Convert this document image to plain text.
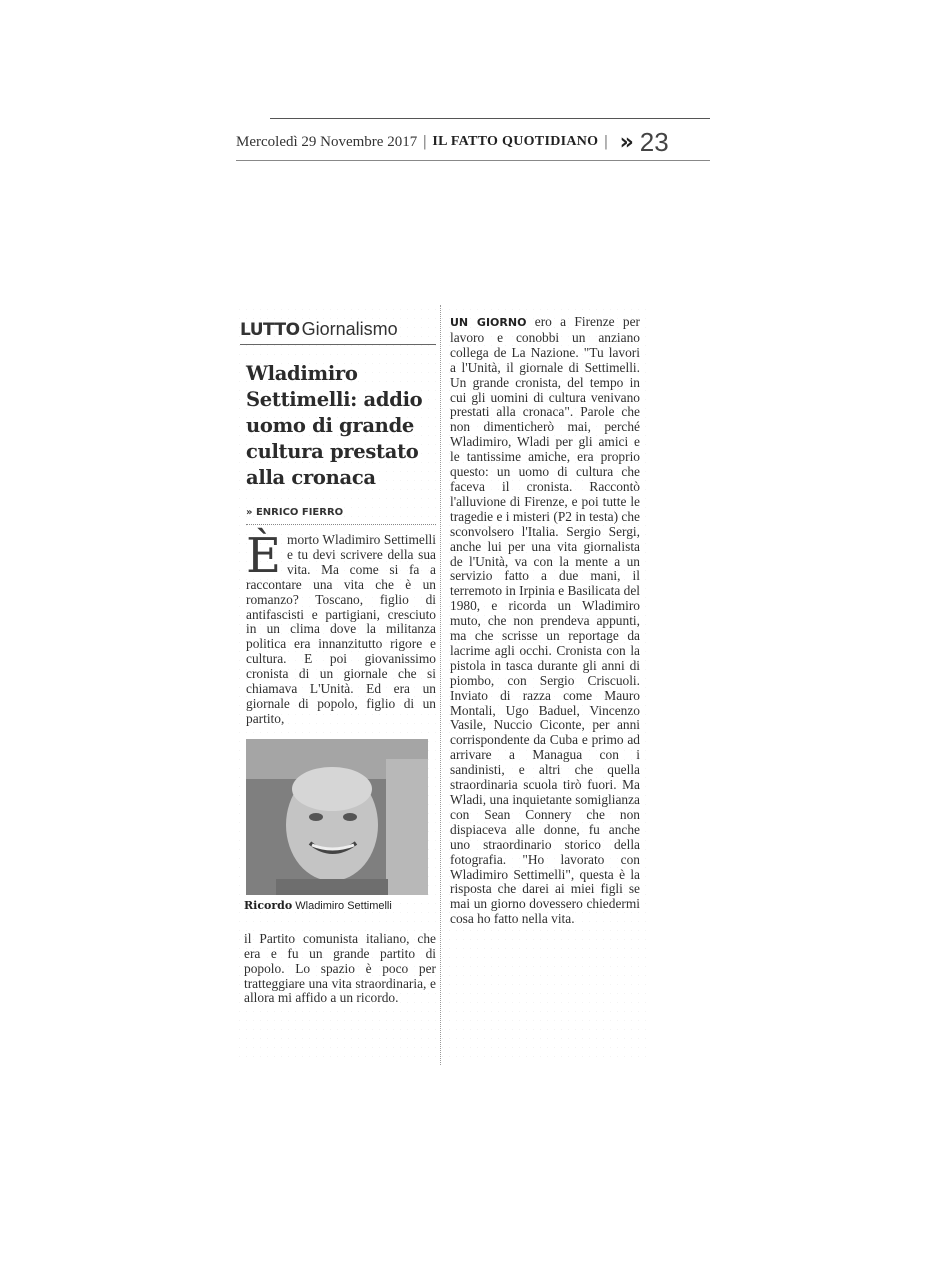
Mercoledì 29 Novembre 2017 | IL FATTO QUOTIDIANO | » 23
LUTTO Giornalismo
Wladimiro Settimelli: addio uomo di grande cultura prestato alla cronaca
» ENRICO FIERRO
È morto Wladimiro Settimelli e tu devi scrivere della sua vita. Ma come si fa a raccontare una vita che è un romanzo? Toscano, figlio di antifascisti e partigiani, cresciuto in un clima dove la militanza politica era innanzitutto rigore e cultura. E poi giovanissimo cronista di un giornale che si chiamava L'Unità. Ed era un giornale di popolo, figlio di un partito,
Ricordo Wladimiro Settimelli
il Partito comunista italiano, che era e fu un grande partito di popolo. Lo spazio è poco per tratteggiare una vita straordinaria, e allora mi affido a un ricordo.
UN GIORNO ero a Firenze per lavoro e conobbi un anziano collega de La Nazione. "Tu lavori a l'Unità, il giornale di Settimelli. Un grande cronista, del tempo in cui gli uomini di cultura venivano prestati alla cronaca". Parole che non dimenticherò mai, perché Wladimiro, Wladi per gli amici e le tantissime amiche, era proprio questo: un uomo di cultura che faceva il cronista. Raccontò l'alluvione di Firenze, e poi tutte le tragedie e i misteri (P2 in testa) che sconvolsero l'Italia. Sergio Sergi, anche lui per una vita giornalista de l'Unità, va con la mente a un servizio fatto a due mani, il terremoto in Irpinia e Basilicata del 1980, e ricorda un Wladimiro muto, che non prendeva appunti, ma che scrisse un reportage da lacrime agli occhi. Cronista con la pistola in tasca durante gli anni di piombo, con Sergio Criscuoli. Inviato di razza come Mauro Montali, Ugo Baduel, Vincenzo Vasile, Nuccio Ciconte, per anni corrispondente da Cuba e primo ad arrivare a Managua con i sandinisti, e altri che quella straordinaria scuola tirò fuori. Ma Wladi, una inquietante somiglianza con Sean Connery che non dispiaceva alle donne, fu anche uno straordinario storico della fotografia. "Ho lavorato con Wladimiro Settimelli", questa è la risposta che darei ai miei figli se mai un giorno dovessero chiedermi cosa ho fatto nella vita.
